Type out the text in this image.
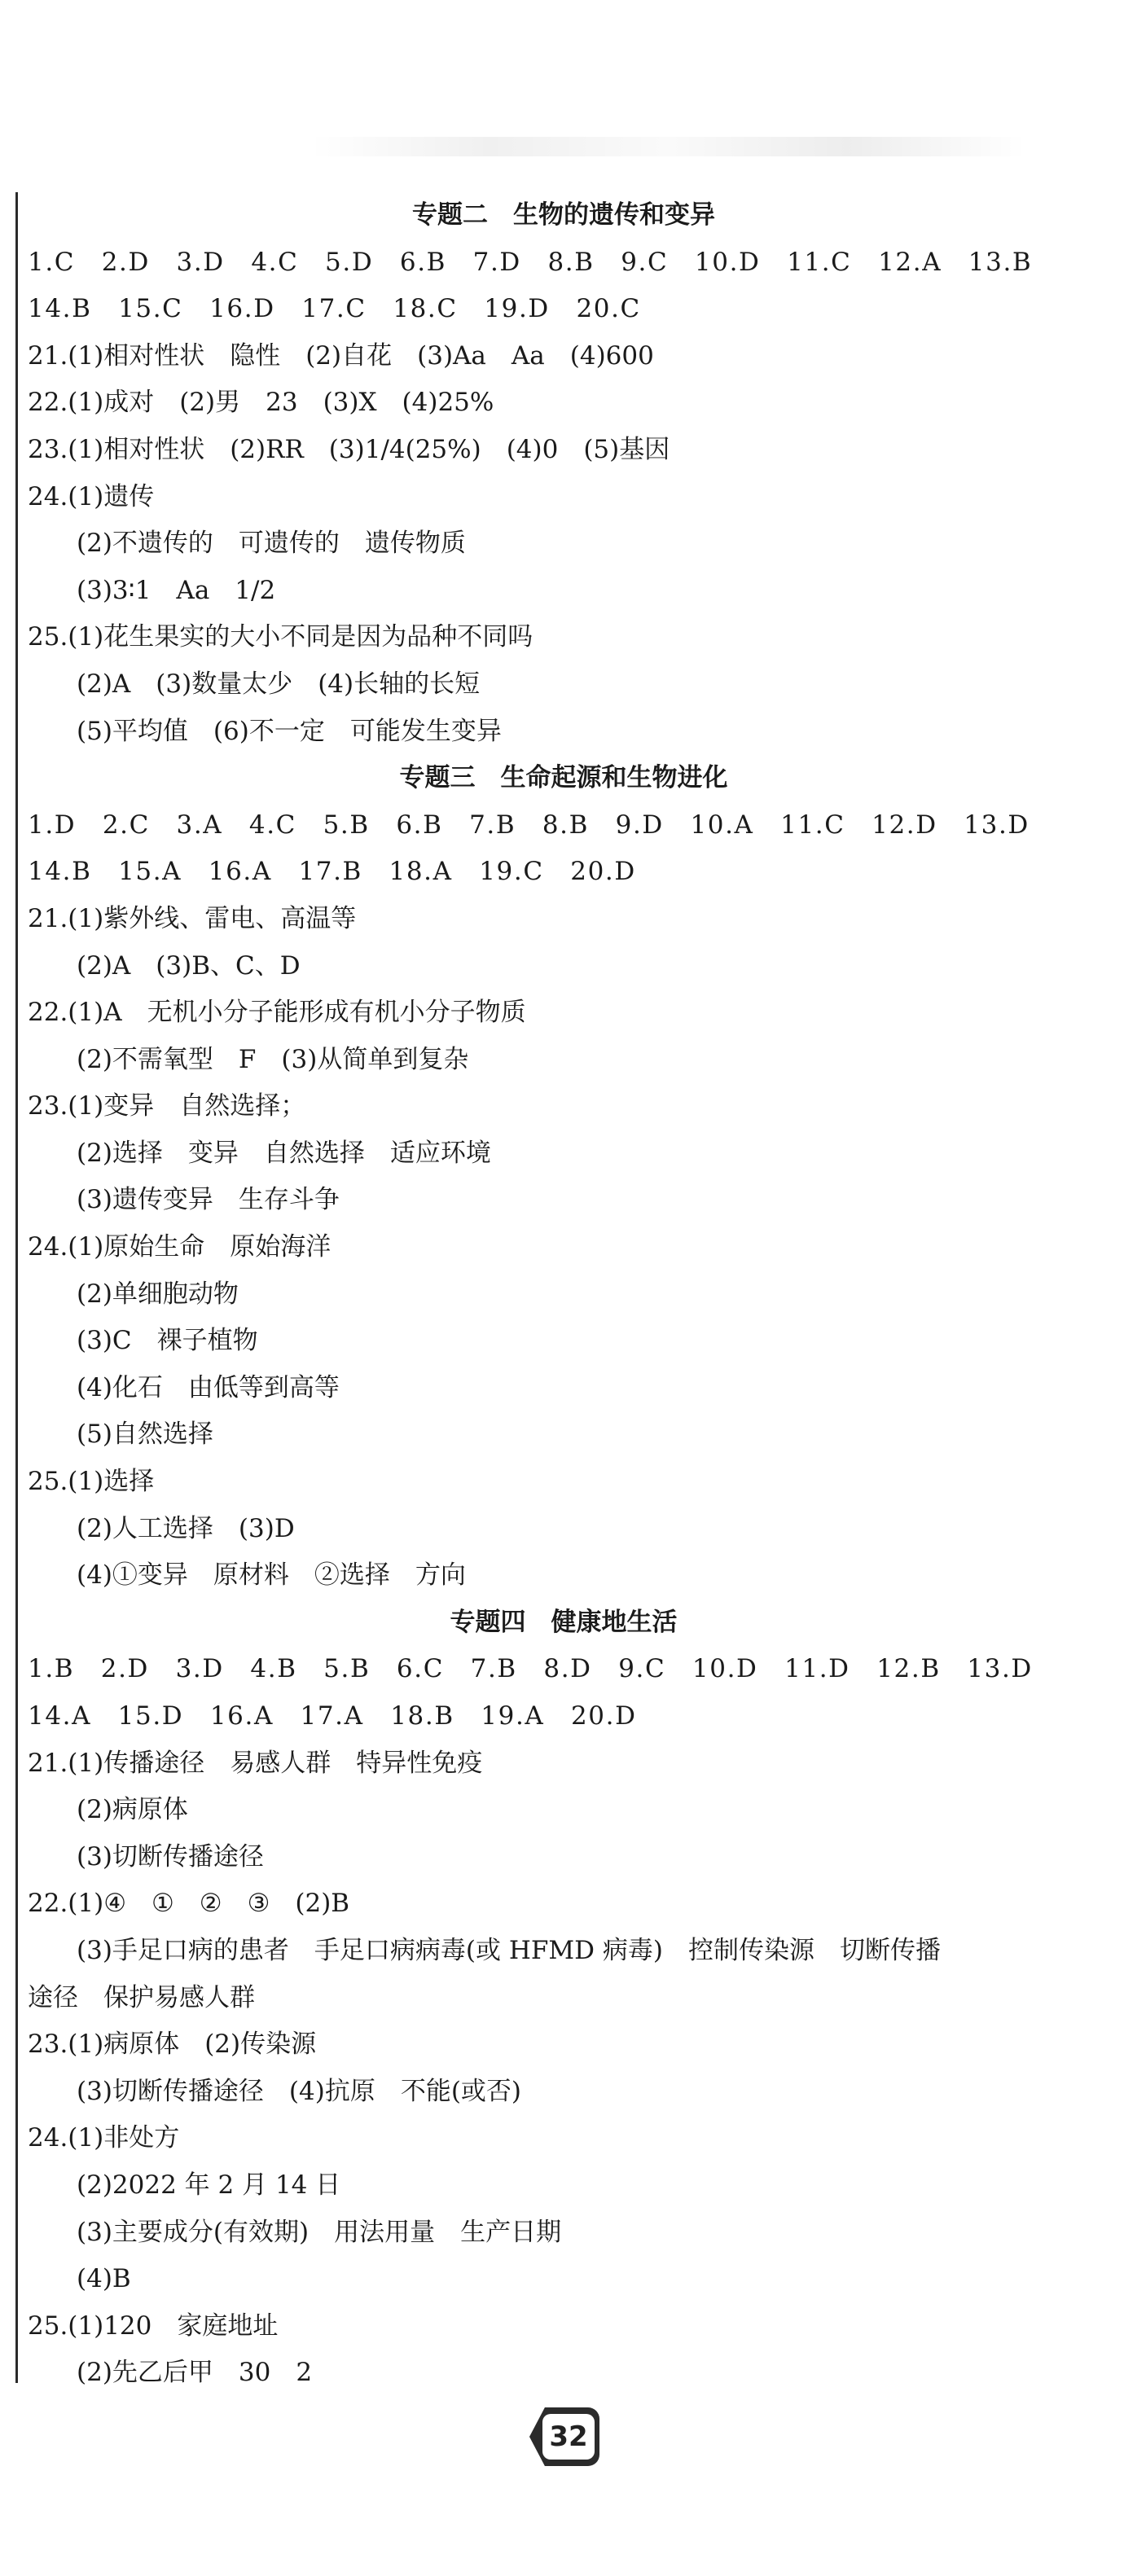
专题二　生物的遗传和变异
1.C　2.D　3.D　4.C　5.D　6.B　7.D　8.B　9.C　10.D　11.C　12.A　13.B
14.B　15.C　16.D　17.C　18.C　19.D　20.C
21.(1)相对性状　隐性　(2)自花　(3)Aa　Aa　(4)600
22.(1)成对　(2)男　23　(3)X　(4)25%
23.(1)相对性状　(2)RR　(3)1/4(25%)　(4)0　(5)基因
24.(1)遗传
(2)不遗传的　可遗传的　遗传物质
(3)3∶1　Aa　1/2
25.(1)花生果实的大小不同是因为品种不同吗
(2)A　(3)数量太少　(4)长轴的长短
(5)平均值　(6)不一定　可能发生变异
专题三　生命起源和生物进化
1.D　2.C　3.A　4.C　5.B　6.B　7.B　8.B　9.D　10.A　11.C　12.D　13.D
14.B　15.A　16.A　17.B　18.A　19.C　20.D
21.(1)紫外线、雷电、高温等
(2)A　(3)B、C、D
22.(1)A　无机小分子能形成有机小分子物质
(2)不需氧型　F　(3)从简单到复杂
23.(1)变异　自然选择；
(2)选择　变异　自然选择　适应环境
(3)遗传变异　生存斗争
24.(1)原始生命　原始海洋
(2)单细胞动物
(3)C　裸子植物
(4)化石　由低等到高等
(5)自然选择
25.(1)选择
(2)人工选择　(3)D
(4)①变异　原材料　②选择　方向
专题四　健康地生活
1.B　2.D　3.D　4.B　5.B　6.C　7.B　8.D　9.C　10.D　11.D　12.B　13.D
14.A　15.D　16.A　17.A　18.B　19.A　20.D
21.(1)传播途径　易感人群　特异性免疫
(2)病原体
(3)切断传播途径
22.(1)④　①　②　③　(2)B
(3)手足口病的患者　手足口病病毒(或 HFMD 病毒)　控制传染源　切断传播
途径　保护易感人群
23.(1)病原体　(2)传染源
(3)切断传播途径　(4)抗原　不能(或否)
24.(1)非处方
(2)2022 年 2 月 14 日
(3)主要成分(有效期)　用法用量　生产日期
(4)B
25.(1)120　家庭地址
(2)先乙后甲　30　2
32
